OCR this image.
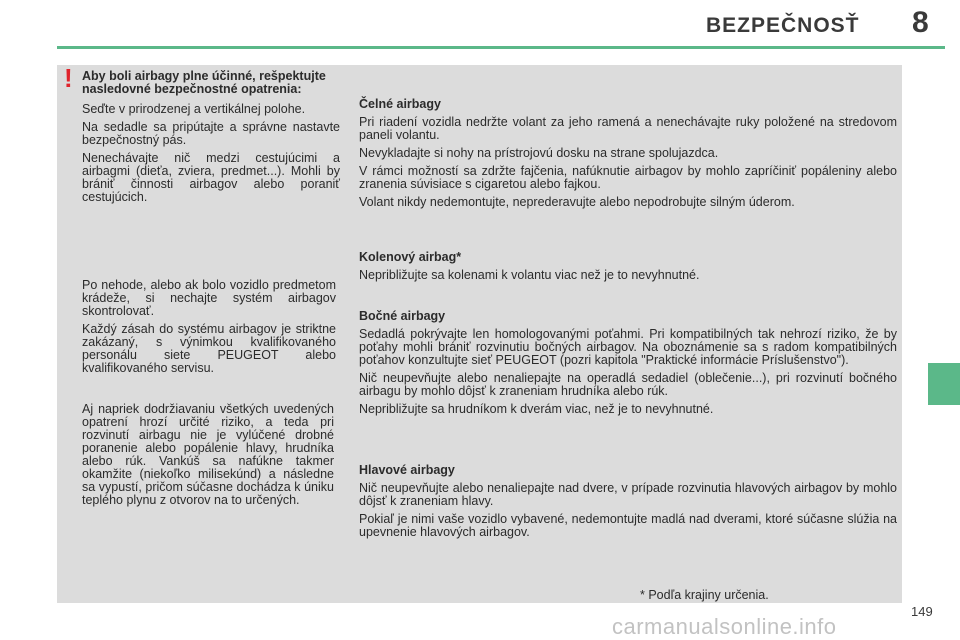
BEZPEČNOSŤ 8
! Aby boli airbagy plne účinné, rešpektujte nasledovné bezpečnostné opatrenia:

Seďte v prirodzenej a vertikálnej polohe.

Na sedadle sa pripútajte a správne nastavte bezpečnostný pás.

Nenechávajte nič medzi cestujúcimi a airbagmi (dieťa, zviera, predmet...). Mohli by brániť činnosti airbagov alebo poraniť cestujúcich.

Po nehode, alebo ak bolo vozidlo predmetom krádeže, si nechajte systém airbagov skontrolovať.

Každý zásah do systému airbagov je striktne zakázaný, s výnimkou kvalifikovaného personálu siete PEUGEOT alebo kvalifikovaného servisu.

Aj napriek dodržiavaniu všetkých uvedených opatrení hrozí určité riziko, a teda pri rozvinutí airbagu nie je vylúčené drobné poranenie alebo popálenie hlavy, hrudníka alebo rúk. Vankúš sa nafúkne takmer okamžite (niekoľko milisekúnd) a následne sa vypustí, pričom súčasne dochádza k úniku teplého plynu z otvorov na to určených.

Čelné airbagy

Pri riadení vozidla nedržte volant za jeho ramená a nenechávajte ruky položené na stredovom paneli volantu.

Nevykladajte si nohy na prístrojovú dosku na strane spolujazdca.

V rámci možností sa zdržte fajčenia, nafúknutie airbagov by mohlo zapríčiniť popáleniny alebo zranenia súvisiace s cigaretou alebo fajkou.

Volant nikdy nedemontujte, neprederavujte alebo nepodrobujte silným úderom.

Kolenový airbag*

Nepribližujte sa kolenami k volantu viac než je to nevyhnutné.

Bočné airbagy

Sedadlá pokrývajte len homologovanými poťahmi. Pri kompatibilných tak nehrozí riziko, že by poťahy mohli brániť rozvinutiu bočných airbagov. Na oboznámenie sa s radom kompatibilných poťahov konzultujte sieť PEUGEOT (pozri kapitola "Praktické informácie Príslušenstvo").

Nič neupevňujte alebo nenaliepajte na operadlá sedadiel (oblečenie...), pri rozvinutí bočného airbagu by mohlo dôjsť k zraneniam hrudníka alebo rúk.

Nepribližujte sa hrudníkom k dverám viac, než je to nevyhnutné.

Hlavové airbagy

Nič neupevňujte alebo nenaliepajte nad dvere, v prípade rozvinutia hlavových airbagov by mohlo dôjsť k zraneniam hlavy.

Pokiaľ je nimi vaše vozidlo vybavené, nedemontujte madlá nad dverami, ktoré súčasne slúžia na upevnenie hlavových airbagov.

* Podľa krajiny určenia.
149
carmanualsonline.info
